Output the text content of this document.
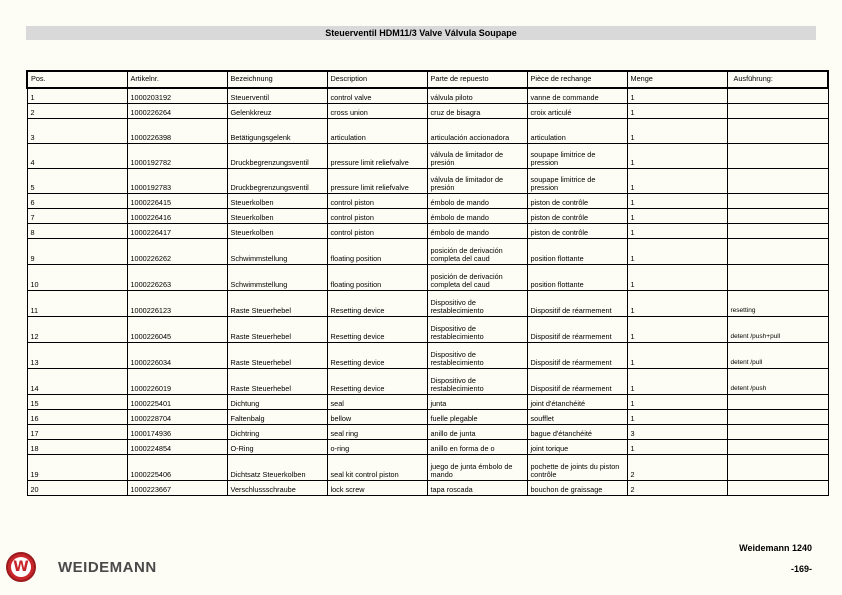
Steuerventil HDM11/3 Valve Válvula Soupape
Pos.	Artikelnr.	Bezeichnung	Description	Parte de repuesto	Pièce de rechange	Menge	Ausführung:
1	1000203192	Steuerventil	control valve	válvula piloto	vanne de commande	1	
2	1000226264	Gelenkkreuz	cross union	cruz de bisagra	croix articulé	1	
3	1000226398	Betätigungsgelenk	articulation	articulación accionadora	articulation	1	
4	1000192782	Druckbegrenzungsventil	pressure limit reliefvalve	válvula de limitador de presión	soupape limitrice de pression	1	
5	1000192783	Druckbegrenzungsventil	pressure limit reliefvalve	válvula de limitador de presión	soupape limitrice de pression	1	
6	1000226415	Steuerkolben	control piston	émbolo de mando	piston de contrôle	1	
7	1000226416	Steuerkolben	control piston	émbolo de mando	piston de contrôle	1	
8	1000226417	Steuerkolben	control piston	émbolo de mando	piston de contrôle	1	
9	1000226262	Schwimmstellung	floating position	posición de derivación completa del caud	position flottante	1	
10	1000226263	Schwimmstellung	floating position	posición de derivación completa del caud	position flottante	1	
11	1000226123	Raste Steuerhebel	Resetting device	Dispositivo de restablecimiento	Dispositif de réarmement	1	resetting
12	1000226045	Raste Steuerhebel	Resetting device	Dispositivo de restablecimiento	Dispositif de réarmement	1	detent /push+pull
13	1000226034	Raste Steuerhebel	Resetting device	Dispositivo de restablecimiento	Dispositif de réarmement	1	detent /pull
14	1000226019	Raste Steuerhebel	Resetting device	Dispositivo de restablecimiento	Dispositif de réarmement	1	detent /push
15	1000225401	Dichtung	seal	junta	joint d'étanchéité	1	
16	1000228704	Faltenbalg	bellow	fuelle plegable	soufflet	1	
17	1000174936	Dichtring	seal ring	anillo de junta	bague d'étanchéité	3	
18	1000224854	O-Ring	o-ring	anillo en forma de o	joint torique	1	
19	1000225406	Dichtsatz Steuerkolben	seal kit control piston	juego de junta émbolo de mando	pochette de joints du piston contrôle	2	
20	1000223667	Verschlussschraube	lock screw	tapa roscada	bouchon de graissage	2	
W WEIDEMANN
Weidemann 1240
-169-
